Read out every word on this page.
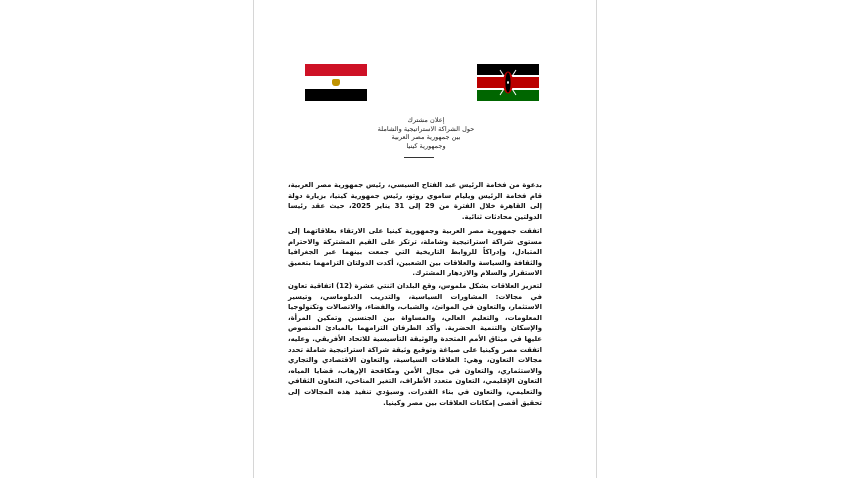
إعلان مشترك
حول الشراكة الاستراتيجية والشاملة
بين جمهورية مصر العربية
وجمهورية كينيا

بدعوة من فخامة الرئيس عبد الفتاح السيسي، رئيس جمهورية مصر العربية، قام فخامة الرئيس ويليام ساموي روتو، رئيس جمهورية كينيا، بزيارة دولة إلى القاهرة خلال الفترة من 29 إلى 31 يناير 2025، حيث عقد رئيسا الدولتين محادثات ثنائية.

اتفقت جمهورية مصر العربية وجمهورية كينيا على الارتقاء بعلاقاتهما إلى مستوى شراكة استراتيجية وشاملة، ترتكز على القيم المشتركة والاحترام المتبادل، وإدراكاً للروابط التاريخية التي جمعت بينهما عبر الجغرافيا والثقافة والسياسة والعلاقات بين الشعبين، أكدت الدولتان التزامهما بتعميق الاستقرار والسلام والازدهار المشترك.

لتعزيز العلاقات بشكل ملموس، وقع البلدان اثنتي عشرة (12) اتفاقية تعاون في مجالات: المشاورات السياسية، والتدريب الدبلوماسي، وتيسير الاستثمار، والتعاون في الموانئ، والشباب، والفضاء، والاتصالات وتكنولوجيا المعلومات، والتعليم العالي، والمساواة بين الجنسين وتمكين المرأة، والإسكان والتنمية الحضرية. وأكد الطرفان التزامهما بالمبادئ المنصوص عليها في ميثاق الأمم المتحدة والوثيقة التأسيسية للاتحاد الأفريقي. وعليه، اتفقت مصر وكينيا على صياغة وتوقيع وثيقة شراكة استراتيجية شاملة تحدد مجالات التعاون، وهي: العلاقات السياسية، والتعاون الاقتصادي والتجاري والاستثماري، والتعاون في مجال الأمن ومكافحة الإرهاب، قضايا المياه، التعاون الإقليمي، التعاون متعدد الأطراف، التغير المناخي، التعاون الثقافي والتعليمي، والتعاون في بناء القدرات. وسيؤدي تنفيذ هذه المجالات إلى تحقيق أقصى إمكانات العلاقات بين مصر وكينيا.
